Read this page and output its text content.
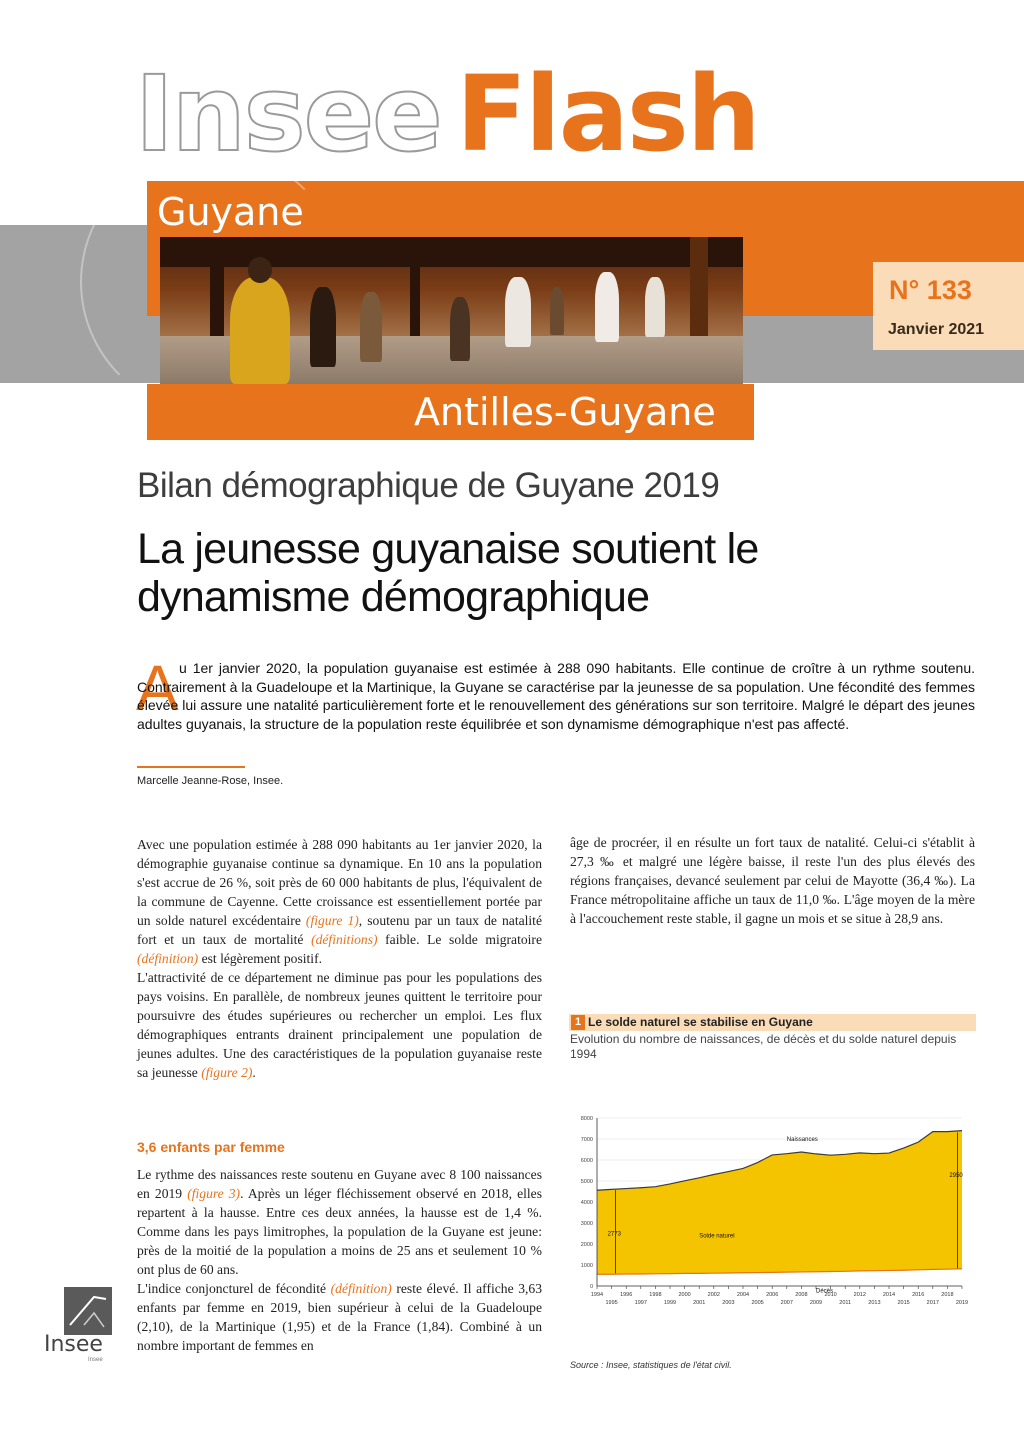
Insee Flash
Guyane
Antilles-Guyane
N° 133
Janvier 2021
Bilan démographique de Guyane 2019
La jeunesse guyanaise soutient le dynamisme démographique
A u 1er janvier 2020, la population guyanaise est estimée à 288 090 habitants. Elle continue de croître à un rythme soutenu. Contrairement à la Guadeloupe et la Martinique, la Guyane se caractérise par la jeunesse de sa population. Une fécondité des femmes élevée lui assure une natalité particulièrement forte et le renouvellement des générations sur son territoire. Malgré le départ des jeunes adultes guyanais, la structure de la population reste équilibrée et son dynamisme démographique n'est pas affecté.
Marcelle Jeanne-Rose, Insee.

Avec une population estimée à 288 090 habitants au 1er janvier 2020, la démographie guyanaise continue sa dynamique. En 10 ans la population s'est accrue de 26 %, soit près de 60 000 habitants de plus, l'équivalent de la commune de Cayenne. Cette croissance est essentiellement portée par un solde naturel excédentaire (figure 1), soutenu par un taux de natalité fort et un taux de mortalité (définitions) faible. Le solde migratoire (définition) est légèrement positif.

L'attractivité de ce département ne diminue pas pour les populations des pays voisins. En parallèle, de nombreux jeunes quittent le territoire pour poursuivre des études supérieures ou rechercher un emploi. Les flux démographiques entrants drainent principalement une population de jeunes adultes. Une des caractéristiques de la population guyanaise reste sa jeunesse (figure 2).

3,6 enfants par femme

Le rythme des naissances reste soutenu en Guyane avec 8 100 naissances en 2019 (figure 3). Après un léger fléchissement observé en 2018, elles repartent à la hausse. Entre ces deux années, la hausse est de 1,4 %. Comme dans les pays limitrophes, la population de la Guyane est jeune: près de la moitié de la population a moins de 25 ans et seulement 10 % ont plus de 60 ans.

L'indice conjoncturel de fécondité (définition) reste élevé. Il affiche 3,63 enfants par femme en 2019, bien supérieur à celui de la Guadeloupe (2,10), de la Martinique (1,95) et de la France (1,84). Combiné à un nombre important de femmes en

âge de procréer, il en résulte un fort taux de natalité. Celui-ci s'établit à 27,3 ‰ et malgré une légère baisse, il reste l'un des plus élevés des régions françaises, devancé seulement par celui de Mayotte (36,4 ‰). La France métropolitaine affiche un taux de 11,0 ‰. L'âge moyen de la mère à l'accouchement reste stable, il gagne un mois et se situe à 28,9 ans.

1 Le solde naturel se stabilise en Guyane
Evolution du nombre de naissances, de décès et du solde naturel depuis 1994
0
1000
2000
3000
4000
5000
6000
7000
8000
1994
1995
1996
1997
1998
1999
2000
2001
2002
2003
2004
2005
2006
2007
2008
2009
2010
2011
2012
2013
2014
2015
2016
2017
2018
2019
Naissances
Solde naturel
Décès
2773
2950
Source : Insee, statistiques de l'état civil.
Insee
Insee
